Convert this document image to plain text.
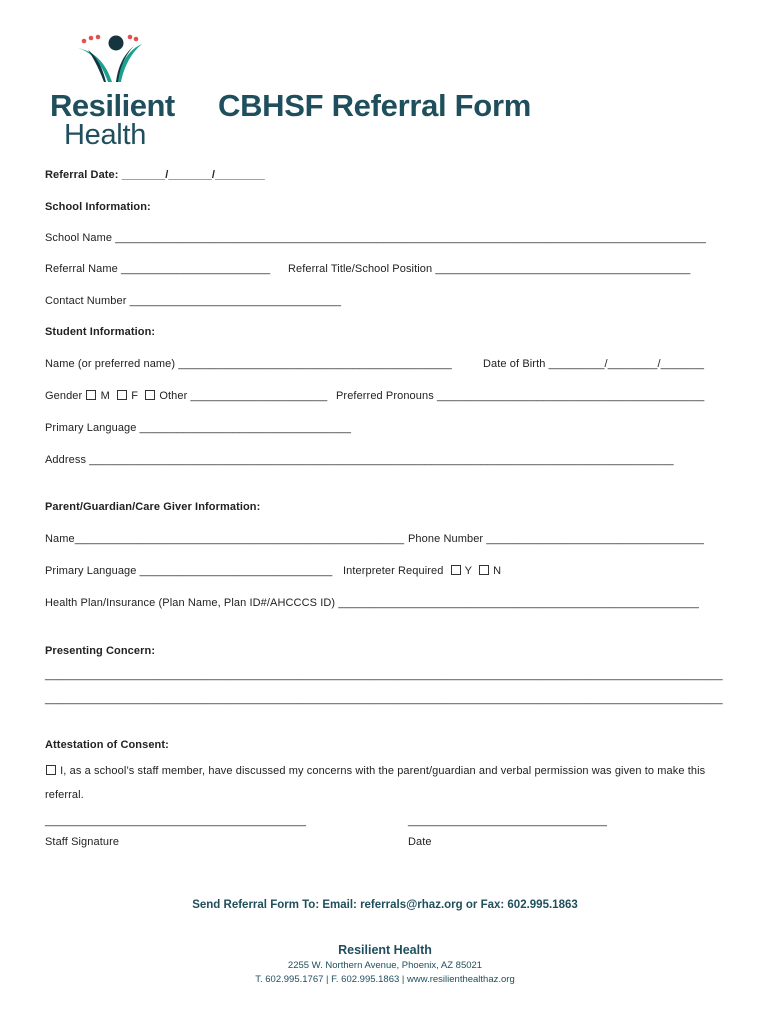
Resilient
Health
CBHSF Referral Form
Referral Date: _______/_______/________
School Information:
School Name _______________________________________________________________________________________________
Referral Name ________________________ Referral Title/School Position _________________________________________
Contact Number __________________________________
Student Information:
Name (or preferred name) ____________________________________________	Date of Birth _________/________/_______
Gender M F Other ______________________ Preferred Pronouns ___________________________________________
Primary Language __________________________________
Address ______________________________________________________________________________________________
Parent/Guardian/Care Giver Information:
Name_____________________________________________________ Phone Number ___________________________________
Primary Language _______________________________ Interpreter Required Y N
Health Plan/Insurance (Plan Name, Plan ID#/AHCCCS ID) __________________________________________________________
Presenting Concern:
_____________________________________________________________________________________________________________
_____________________________________________________________________________________________________________
Attestation of Consent:
I, as a school’s staff member, have discussed my concerns with the parent/guardian and verbal permission was given to make this
referral.
__________________________________________	________________________________
Staff Signature	Date
Send Referral Form To: Email: referrals@rhaz.org or Fax: 602.995.1863
Resilient Health
2255 W. Northern Avenue, Phoenix, AZ 85021
T. 602.995.1767 | F. 602.995.1863 | www.resilienthealthaz.org
